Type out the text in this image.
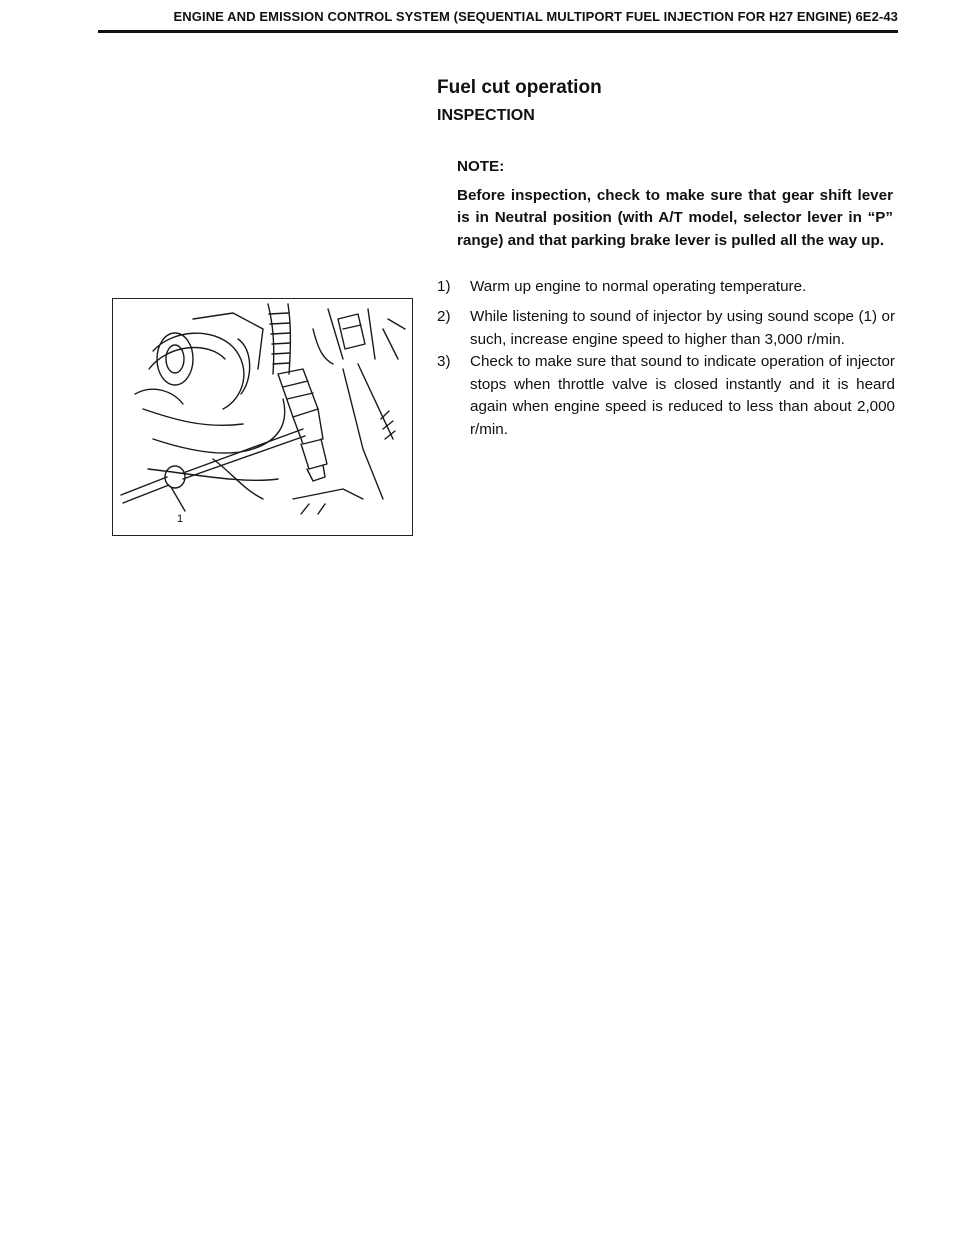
ENGINE AND EMISSION CONTROL SYSTEM (SEQUENTIAL MULTIPORT FUEL INJECTION FOR H27 ENGINE) 6E2-43
Fuel cut operation
INSPECTION
NOTE:
Before inspection, check to make sure that gear shift lever is in Neutral position (with A/T model, selector lever in “P” range) and that parking brake lever is pulled all the way up.
1) Warm up engine to normal operating temperature.
2) While listening to sound of injector by using sound scope (1) or such, increase engine speed to higher than 3,000 r/min.
3) Check to make sure that sound to indicate operation of injector stops when throttle valve is closed instantly and it is heard again when engine speed is reduced to less than about 2,000 r/min.
1
